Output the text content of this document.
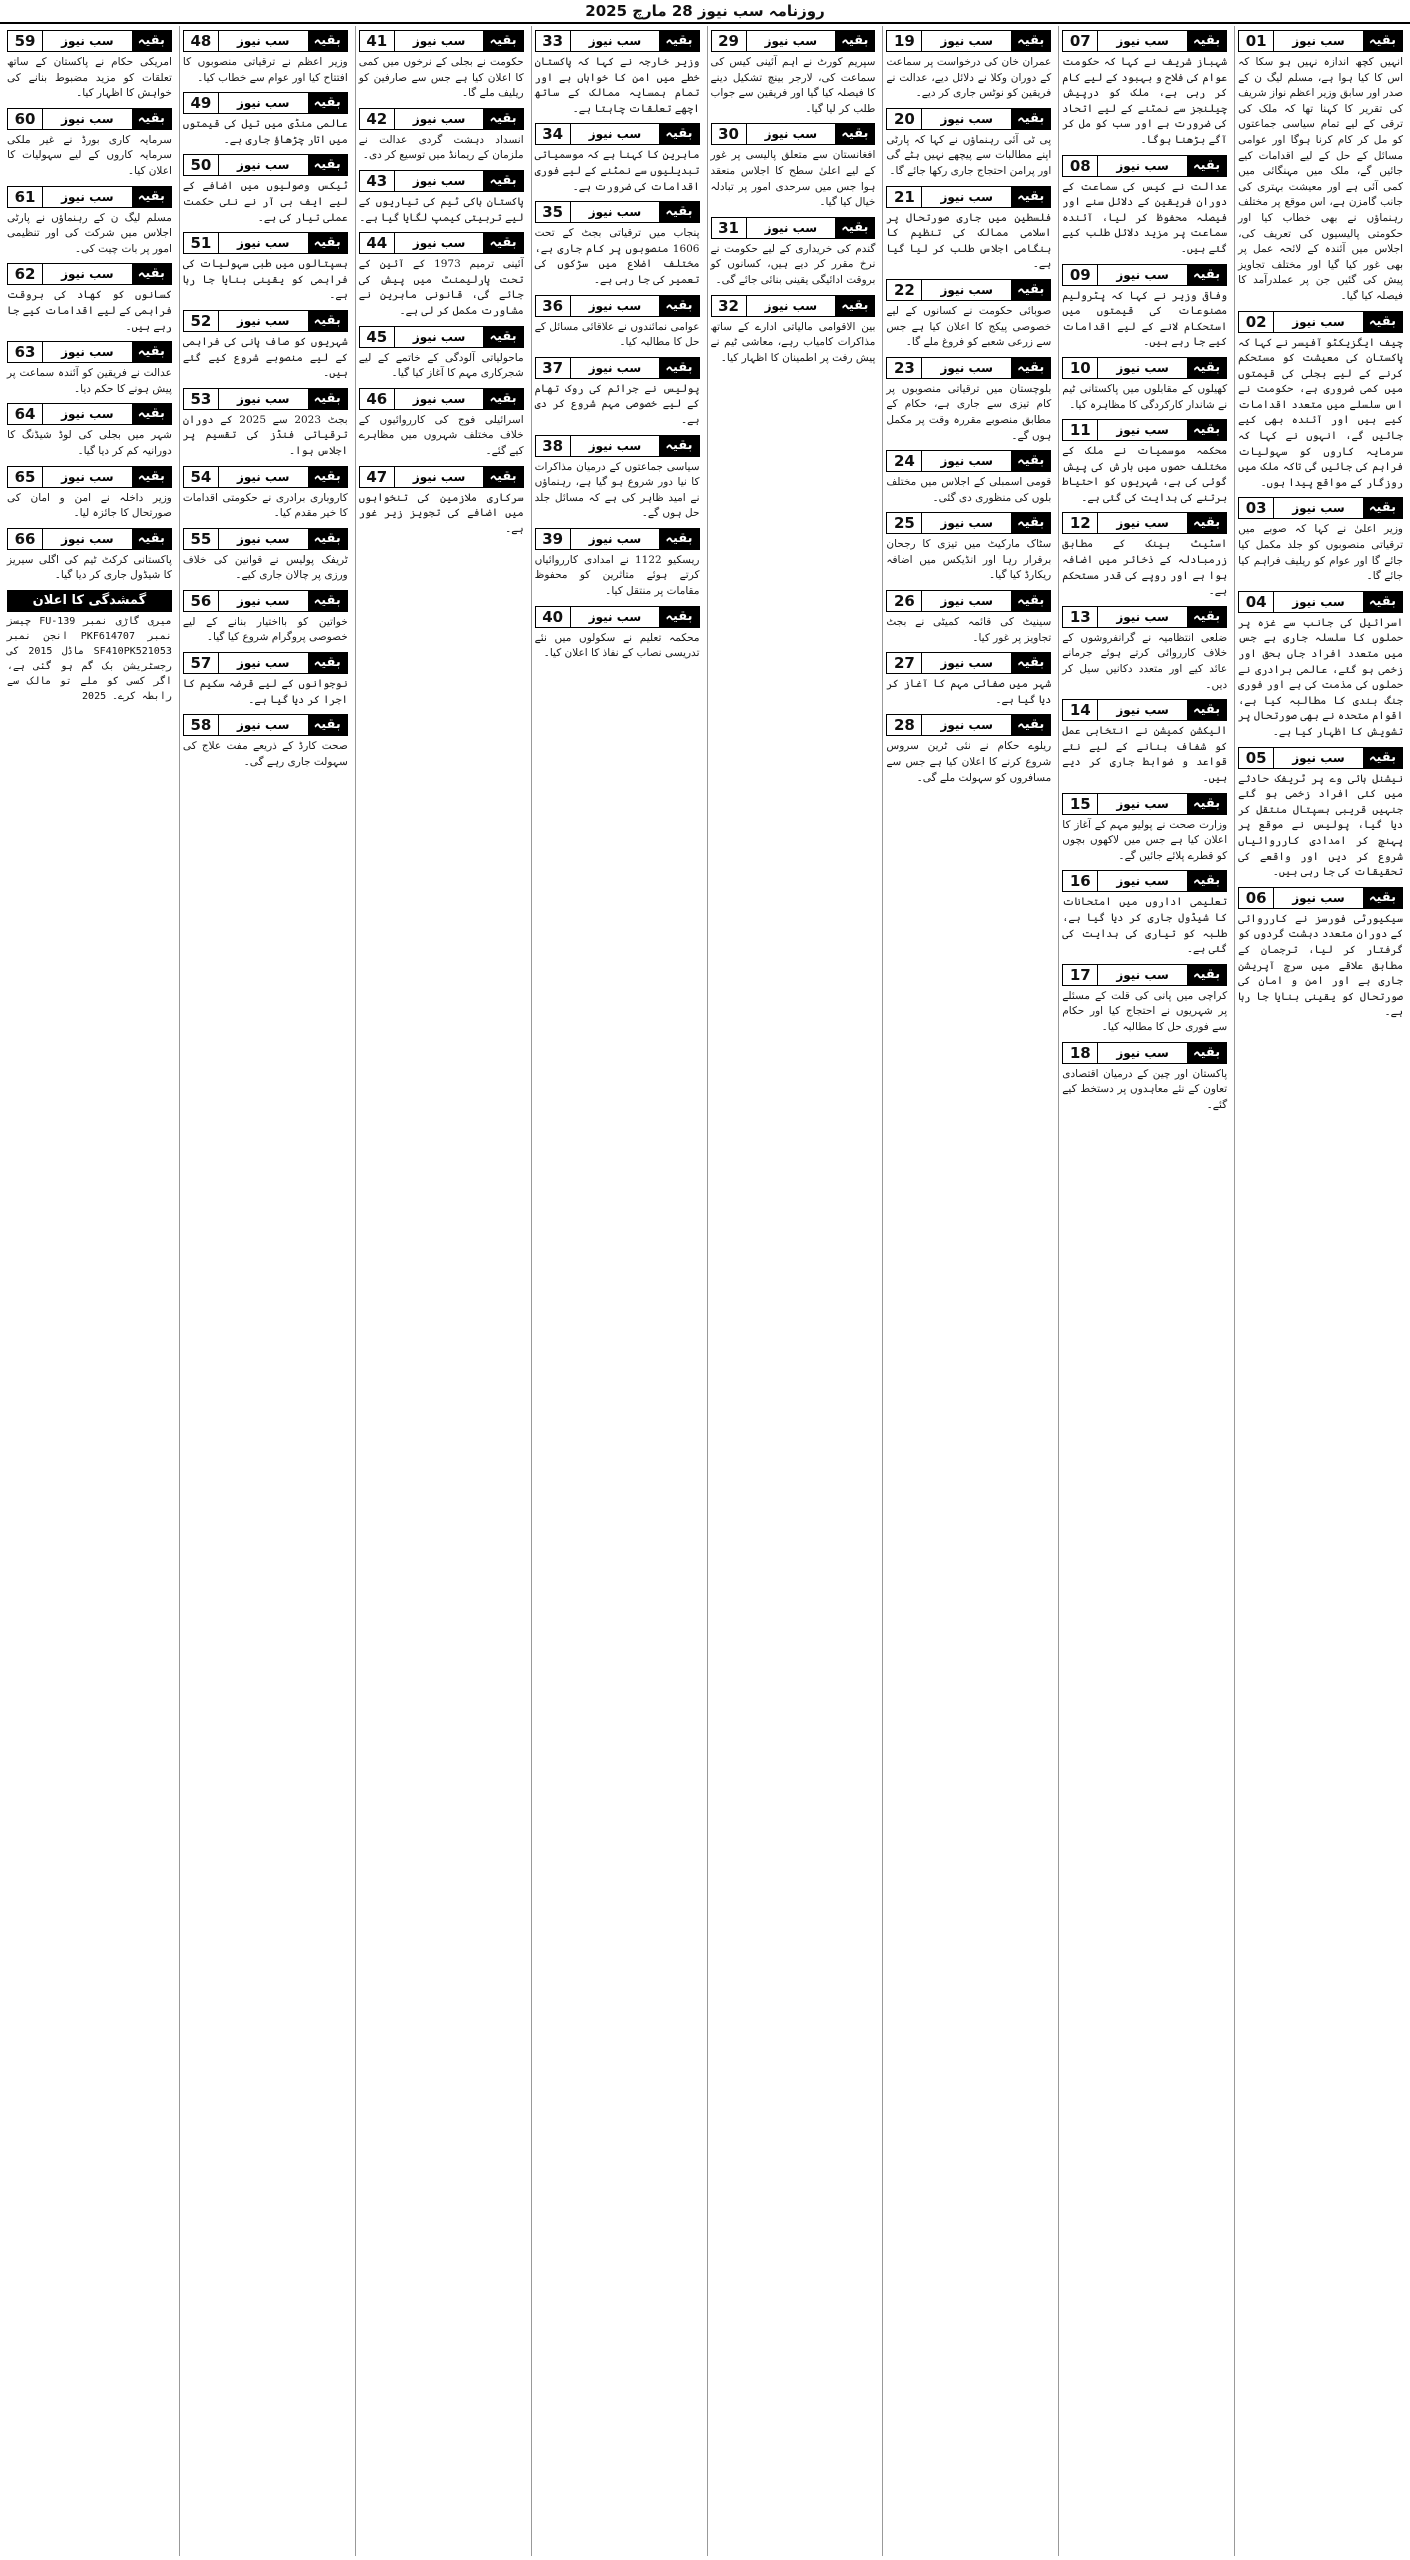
روزنامہ سب نیوز 28 مارچ 2025
بقیہ
سب نیوز
01

انہیں کچھ اندازہ نہیں ہو سکا کہ اس کا کیا ہوا ہے، مسلم لیگ ن کے صدر اور سابق وزیر اعظم نواز شریف کی تقریر کا کہنا تھا کہ ملک کی ترقی کے لیے تمام سیاسی جماعتوں کو مل کر کام کرنا ہوگا اور عوامی مسائل کے حل کے لیے اقدامات کیے جائیں گے، ملک میں مہنگائی میں کمی آئی ہے اور معیشت بہتری کی جانب گامزن ہے، اس موقع پر مختلف رہنماؤں نے بھی خطاب کیا اور حکومتی پالیسیوں کی تعریف کی، اجلاس میں آئندہ کے لائحہ عمل پر بھی غور کیا گیا اور مختلف تجاویز پیش کی گئیں جن پر عملدرآمد کا فیصلہ کیا گیا۔

بقیہ
سب نیوز
02

چیف ایگزیکٹو آفیسر نے کہا کہ پاکستان کی معیشت کو مستحکم کرنے کے لیے بجلی کی قیمتوں میں کمی ضروری ہے، حکومت نے اس سلسلے میں متعدد اقدامات کیے ہیں اور آئندہ بھی کیے جائیں گے، انہوں نے کہا کہ سرمایہ کاروں کو سہولیات فراہم کی جائیں گی تاکہ ملک میں روزگار کے مواقع پیدا ہوں۔

بقیہ
سب نیوز
03

وزیر اعلیٰ نے کہا کہ صوبے میں ترقیاتی منصوبوں کو جلد مکمل کیا جائے گا اور عوام کو ریلیف فراہم کیا جائے گا۔

بقیہ
سب نیوز
04

اسرائیل کی جانب سے غزہ پر حملوں کا سلسلہ جاری ہے جس میں متعدد افراد جاں بحق اور زخمی ہو گئے، عالمی برادری نے حملوں کی مذمت کی ہے اور فوری جنگ بندی کا مطالبہ کیا ہے، اقوام متحدہ نے بھی صورتحال پر تشویش کا اظہار کیا ہے۔

بقیہ
سب نیوز
05

نیشنل ہائی وے پر ٹریفک حادثے میں کئی افراد زخمی ہو گئے جنہیں قریبی ہسپتال منتقل کر دیا گیا، پولیس نے موقع پر پہنچ کر امدادی کارروائیاں شروع کر دیں اور واقعے کی تحقیقات کی جا رہی ہیں۔

بقیہ
سب نیوز
06

سیکیورٹی فورسز نے کارروائی کے دوران متعدد دہشت گردوں کو گرفتار کر لیا، ترجمان کے مطابق علاقے میں سرچ آپریشن جاری ہے اور امن و امان کی صورتحال کو یقینی بنایا جا رہا ہے۔

بقیہ
سب نیوز
07

شہباز شریف نے کہا کہ حکومت عوام کی فلاح و بہبود کے لیے کام کر رہی ہے، ملک کو درپیش چیلنجز سے نمٹنے کے لیے اتحاد کی ضرورت ہے اور سب کو مل کر آگے بڑھنا ہوگا۔

بقیہ
سب نیوز
08

عدالت نے کیس کی سماعت کے دوران فریقین کے دلائل سنے اور فیصلہ محفوظ کر لیا، آئندہ سماعت پر مزید دلائل طلب کیے گئے ہیں۔

بقیہ
سب نیوز
09

وفاقی وزیر نے کہا کہ پٹرولیم مصنوعات کی قیمتوں میں استحکام لانے کے لیے اقدامات کیے جا رہے ہیں۔

بقیہ
سب نیوز
10

کھیلوں کے مقابلوں میں پاکستانی ٹیم نے شاندار کارکردگی کا مظاہرہ کیا۔

بقیہ
سب نیوز
11

محکمہ موسمیات نے ملک کے مختلف حصوں میں بارش کی پیش گوئی کی ہے، شہریوں کو احتیاط برتنے کی ہدایت کی گئی ہے۔

بقیہ
سب نیوز
12

اسٹیٹ بینک کے مطابق زرمبادلہ کے ذخائر میں اضافہ ہوا ہے اور روپے کی قدر مستحکم ہے۔

بقیہ
سب نیوز
13

ضلعی انتظامیہ نے گرانفروشوں کے خلاف کارروائی کرتے ہوئے جرمانے عائد کیے اور متعدد دکانیں سیل کر دیں۔

بقیہ
سب نیوز
14

الیکشن کمیشن نے انتخابی عمل کو شفاف بنانے کے لیے نئے قواعد و ضوابط جاری کر دیے ہیں۔

بقیہ
سب نیوز
15

وزارت صحت نے پولیو مہم کے آغاز کا اعلان کیا ہے جس میں لاکھوں بچوں کو قطرے پلائے جائیں گے۔

بقیہ
سب نیوز
16

تعلیمی اداروں میں امتحانات کا شیڈول جاری کر دیا گیا ہے، طلبہ کو تیاری کی ہدایت کی گئی ہے۔

بقیہ
سب نیوز
17

کراچی میں پانی کی قلت کے مسئلے پر شہریوں نے احتجاج کیا اور حکام سے فوری حل کا مطالبہ کیا۔

بقیہ
سب نیوز
18

پاکستان اور چین کے درمیان اقتصادی تعاون کے نئے معاہدوں پر دستخط کیے گئے۔

بقیہ
سب نیوز
19

عمران خان کی درخواست پر سماعت کے دوران وکلا نے دلائل دیے، عدالت نے فریقین کو نوٹس جاری کر دیے۔

بقیہ
سب نیوز
20

پی ٹی آئی رہنماؤں نے کہا کہ پارٹی اپنے مطالبات سے پیچھے نہیں ہٹے گی اور پرامن احتجاج جاری رکھا جائے گا۔

بقیہ
سب نیوز
21

فلسطین میں جاری صورتحال پر اسلامی ممالک کی تنظیم کا ہنگامی اجلاس طلب کر لیا گیا ہے۔

بقیہ
سب نیوز
22

صوبائی حکومت نے کسانوں کے لیے خصوصی پیکج کا اعلان کیا ہے جس سے زرعی شعبے کو فروغ ملے گا۔

بقیہ
سب نیوز
23

بلوچستان میں ترقیاتی منصوبوں پر کام تیزی سے جاری ہے، حکام کے مطابق منصوبے مقررہ وقت پر مکمل ہوں گے۔

بقیہ
سب نیوز
24

قومی اسمبلی کے اجلاس میں مختلف بلوں کی منظوری دی گئی۔

بقیہ
سب نیوز
25

سٹاک مارکیٹ میں تیزی کا رجحان برقرار رہا اور انڈیکس میں اضافہ ریکارڈ کیا گیا۔

بقیہ
سب نیوز
26

سینیٹ کی قائمہ کمیٹی نے بجٹ تجاویز پر غور کیا۔

بقیہ
سب نیوز
27

شہر میں صفائی مہم کا آغاز کر دیا گیا ہے۔

بقیہ
سب نیوز
28

ریلوے حکام نے نئی ٹرین سروس شروع کرنے کا اعلان کیا ہے جس سے مسافروں کو سہولت ملے گی۔

بقیہ
سب نیوز
29

سپریم کورٹ نے اہم آئینی کیس کی سماعت کی، لارجر بینچ تشکیل دینے کا فیصلہ کیا گیا اور فریقین سے جواب طلب کر لیا گیا۔

بقیہ
سب نیوز
30

افغانستان سے متعلق پالیسی پر غور کے لیے اعلیٰ سطح کا اجلاس منعقد ہوا جس میں سرحدی امور پر تبادلہ خیال کیا گیا۔

بقیہ
سب نیوز
31

گندم کی خریداری کے لیے حکومت نے نرخ مقرر کر دیے ہیں، کسانوں کو بروقت ادائیگی یقینی بنائی جائے گی۔

بقیہ
سب نیوز
32

بین الاقوامی مالیاتی ادارے کے ساتھ مذاکرات کامیاب رہے، معاشی ٹیم نے پیش رفت پر اطمینان کا اظہار کیا۔

بقیہ
سب نیوز
33

وزیر خارجہ نے کہا کہ پاکستان خطے میں امن کا خواہاں ہے اور تمام ہمسایہ ممالک کے ساتھ اچھے تعلقات چاہتا ہے۔

بقیہ
سب نیوز
34

ماہرین کا کہنا ہے کہ موسمیاتی تبدیلیوں سے نمٹنے کے لیے فوری اقدامات کی ضرورت ہے۔

بقیہ
سب نیوز
35

پنجاب میں ترقیاتی بجٹ کے تحت 1606 منصوبوں پر کام جاری ہے، مختلف اضلاع میں سڑکوں کی تعمیر کی جا رہی ہے۔

بقیہ
سب نیوز
36

عوامی نمائندوں نے علاقائی مسائل کے حل کا مطالبہ کیا۔

بقیہ
سب نیوز
37

پولیس نے جرائم کی روک تھام کے لیے خصوصی مہم شروع کر دی ہے۔

بقیہ
سب نیوز
38

سیاسی جماعتوں کے درمیان مذاکرات کا نیا دور شروع ہو گیا ہے، رہنماؤں نے امید ظاہر کی ہے کہ مسائل جلد حل ہوں گے۔

بقیہ
سب نیوز
39

ریسکیو 1122 نے امدادی کارروائیاں کرتے ہوئے متاثرین کو محفوظ مقامات پر منتقل کیا۔

بقیہ
سب نیوز
40

محکمہ تعلیم نے سکولوں میں نئے تدریسی نصاب کے نفاذ کا اعلان کیا۔

بقیہ
سب نیوز
41

حکومت نے بجلی کے نرخوں میں کمی کا اعلان کیا ہے جس سے صارفین کو ریلیف ملے گا۔

بقیہ
سب نیوز
42

انسداد دہشت گردی عدالت نے ملزمان کے ریمانڈ میں توسیع کر دی۔

بقیہ
سب نیوز
43

پاکستان ہاکی ٹیم کی تیاریوں کے لیے تربیتی کیمپ لگایا گیا ہے۔

بقیہ
سب نیوز
44

آئینی ترمیم 1973 کے آئین کے تحت پارلیمنٹ میں پیش کی جائے گی، قانونی ماہرین نے مشاورت مکمل کر لی ہے۔

بقیہ
سب نیوز
45

ماحولیاتی آلودگی کے خاتمے کے لیے شجرکاری مہم کا آغاز کیا گیا۔

بقیہ
سب نیوز
46

اسرائیلی فوج کی کارروائیوں کے خلاف مختلف شہروں میں مظاہرے کیے گئے۔

بقیہ
سب نیوز
47

سرکاری ملازمین کی تنخواہوں میں اضافے کی تجویز زیر غور ہے۔

بقیہ
سب نیوز
48

وزیر اعظم نے ترقیاتی منصوبوں کا افتتاح کیا اور عوام سے خطاب کیا۔

بقیہ
سب نیوز
49

عالمی منڈی میں تیل کی قیمتوں میں اتار چڑھاؤ جاری ہے۔

بقیہ
سب نیوز
50

ٹیکس وصولیوں میں اضافے کے لیے ایف بی آر نے نئی حکمت عملی تیار کی ہے۔

بقیہ
سب نیوز
51

ہسپتالوں میں طبی سہولیات کی فراہمی کو یقینی بنایا جا رہا ہے۔

بقیہ
سب نیوز
52

شہریوں کو صاف پانی کی فراہمی کے لیے منصوبے شروع کیے گئے ہیں۔

بقیہ
سب نیوز
53

بجٹ 2023 سے 2025 کے دوران ترقیاتی فنڈز کی تقسیم پر اجلاس ہوا۔

بقیہ
سب نیوز
54

کاروباری برادری نے حکومتی اقدامات کا خیر مقدم کیا۔

بقیہ
سب نیوز
55

ٹریفک پولیس نے قوانین کی خلاف ورزی پر چالان جاری کیے۔

بقیہ
سب نیوز
56

خواتین کو بااختیار بنانے کے لیے خصوصی پروگرام شروع کیا گیا۔

بقیہ
سب نیوز
57

نوجوانوں کے لیے قرضہ سکیم کا اجرا کر دیا گیا ہے۔

بقیہ
سب نیوز
58

صحت کارڈ کے ذریعے مفت علاج کی سہولت جاری رہے گی۔

بقیہ
سب نیوز
59

امریکی حکام نے پاکستان کے ساتھ تعلقات کو مزید مضبوط بنانے کی خواہش کا اظہار کیا۔

بقیہ
سب نیوز
60

سرمایہ کاری بورڈ نے غیر ملکی سرمایہ کاروں کے لیے سہولیات کا اعلان کیا۔

بقیہ
سب نیوز
61

مسلم لیگ ن کے رہنماؤں نے پارٹی اجلاس میں شرکت کی اور تنظیمی امور پر بات چیت کی۔

بقیہ
سب نیوز
62

کسانوں کو کھاد کی بروقت فراہمی کے لیے اقدامات کیے جا رہے ہیں۔

بقیہ
سب نیوز
63

عدالت نے فریقین کو آئندہ سماعت پر پیش ہونے کا حکم دیا۔

بقیہ
سب نیوز
64

شہر میں بجلی کی لوڈ شیڈنگ کا دورانیہ کم کر دیا گیا۔

بقیہ
سب نیوز
65

وزیر داخلہ نے امن و امان کی صورتحال کا جائزہ لیا۔

بقیہ
سب نیوز
66

پاکستانی کرکٹ ٹیم کی اگلی سیریز کا شیڈول جاری کر دیا گیا۔

گمشدگی کا اعلان

میری گاڑی نمبر FU-139 چیسز نمبر PKF614707 انجن نمبر SF410PK521053 ماڈل 2015 کی رجسٹریشن بک گم ہو گئی ہے، اگر کسی کو ملے تو مالک سے رابطہ کرے۔ 2025
